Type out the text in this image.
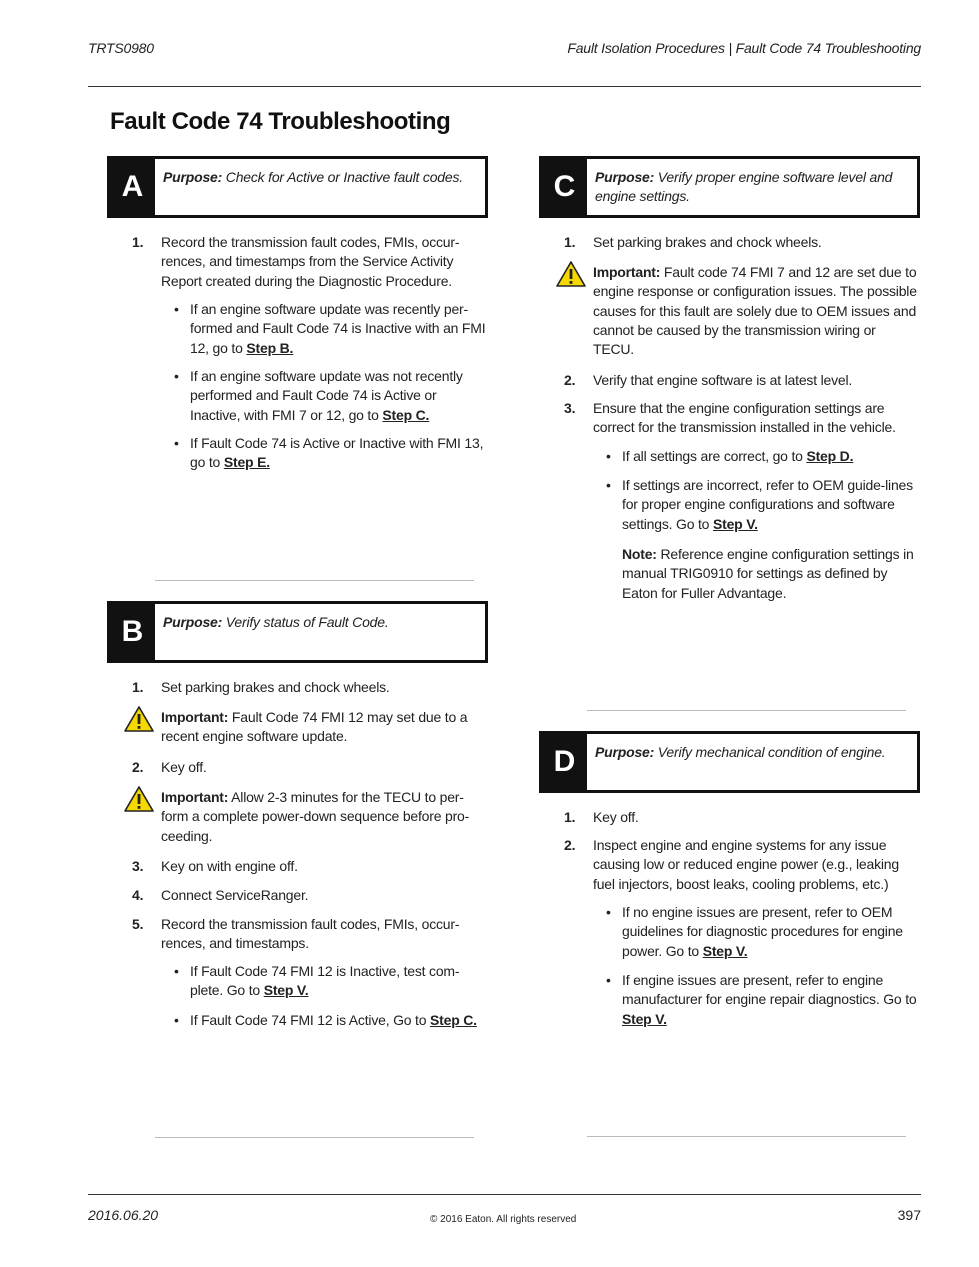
TRTS0980	Fault Isolation Procedures | Fault Code 74 Troubleshooting
Fault Code 74 Troubleshooting
A	Purpose: Check for Active or Inactive fault codes.
1. Record the transmission fault codes, FMIs, occur-rences, and timestamps from the Service Activity Report created during the Diagnostic Procedure.
• If an engine software update was recently per-formed and Fault Code 74 is Inactive with an FMI 12, go to Step B.
• If an engine software update was not recently performed and Fault Code 74 is Active or Inactive, with FMI 7 or 12, go to Step C.
• If Fault Code 74 is Active or Inactive with FMI 13, go to Step E.
B	Purpose: Verify status of Fault Code.
1. Set parking brakes and chock wheels.
Important: Fault Code 74 FMI 12 may set due to a recent engine software update.
2. Key off.
Important: Allow 2-3 minutes for the TECU to per-form a complete power-down sequence before pro-ceeding.
3. Key on with engine off.
4. Connect ServiceRanger.
5. Record the transmission fault codes, FMIs, occur-rences, and timestamps.
• If Fault Code 74 FMI 12 is Inactive, test com-plete. Go to Step V.
• If Fault Code 74 FMI 12 is Active, Go to Step C.
C	Purpose: Verify proper engine software level and engine settings.
1. Set parking brakes and chock wheels.
Important: Fault code 74 FMI 7 and 12 are set due to engine response or configuration issues. The possible causes for this fault are solely due to OEM issues and cannot be caused by the transmission wiring or TECU.
2. Verify that engine software is at latest level.
3. Ensure that the engine configuration settings are correct for the transmission installed in the vehicle.
• If all settings are correct, go to Step D.
• If settings are incorrect, refer to OEM guide-lines for proper engine configurations and software settings. Go to Step V.
Note: Reference engine configuration settings in manual TRIG0910 for settings as defined by Eaton for Fuller Advantage.
D	Purpose: Verify mechanical condition of engine.
1. Key off.
2. Inspect engine and engine systems for any issue causing low or reduced engine power (e.g., leaking fuel injectors, boost leaks, cooling problems, etc.)
• If no engine issues are present, refer to OEM guidelines for diagnostic procedures for engine power. Go to Step V.
• If engine issues are present, refer to engine manufacturer for engine repair diagnostics. Go to Step V.
2016.06.20	© 2016 Eaton. All rights reserved	397
